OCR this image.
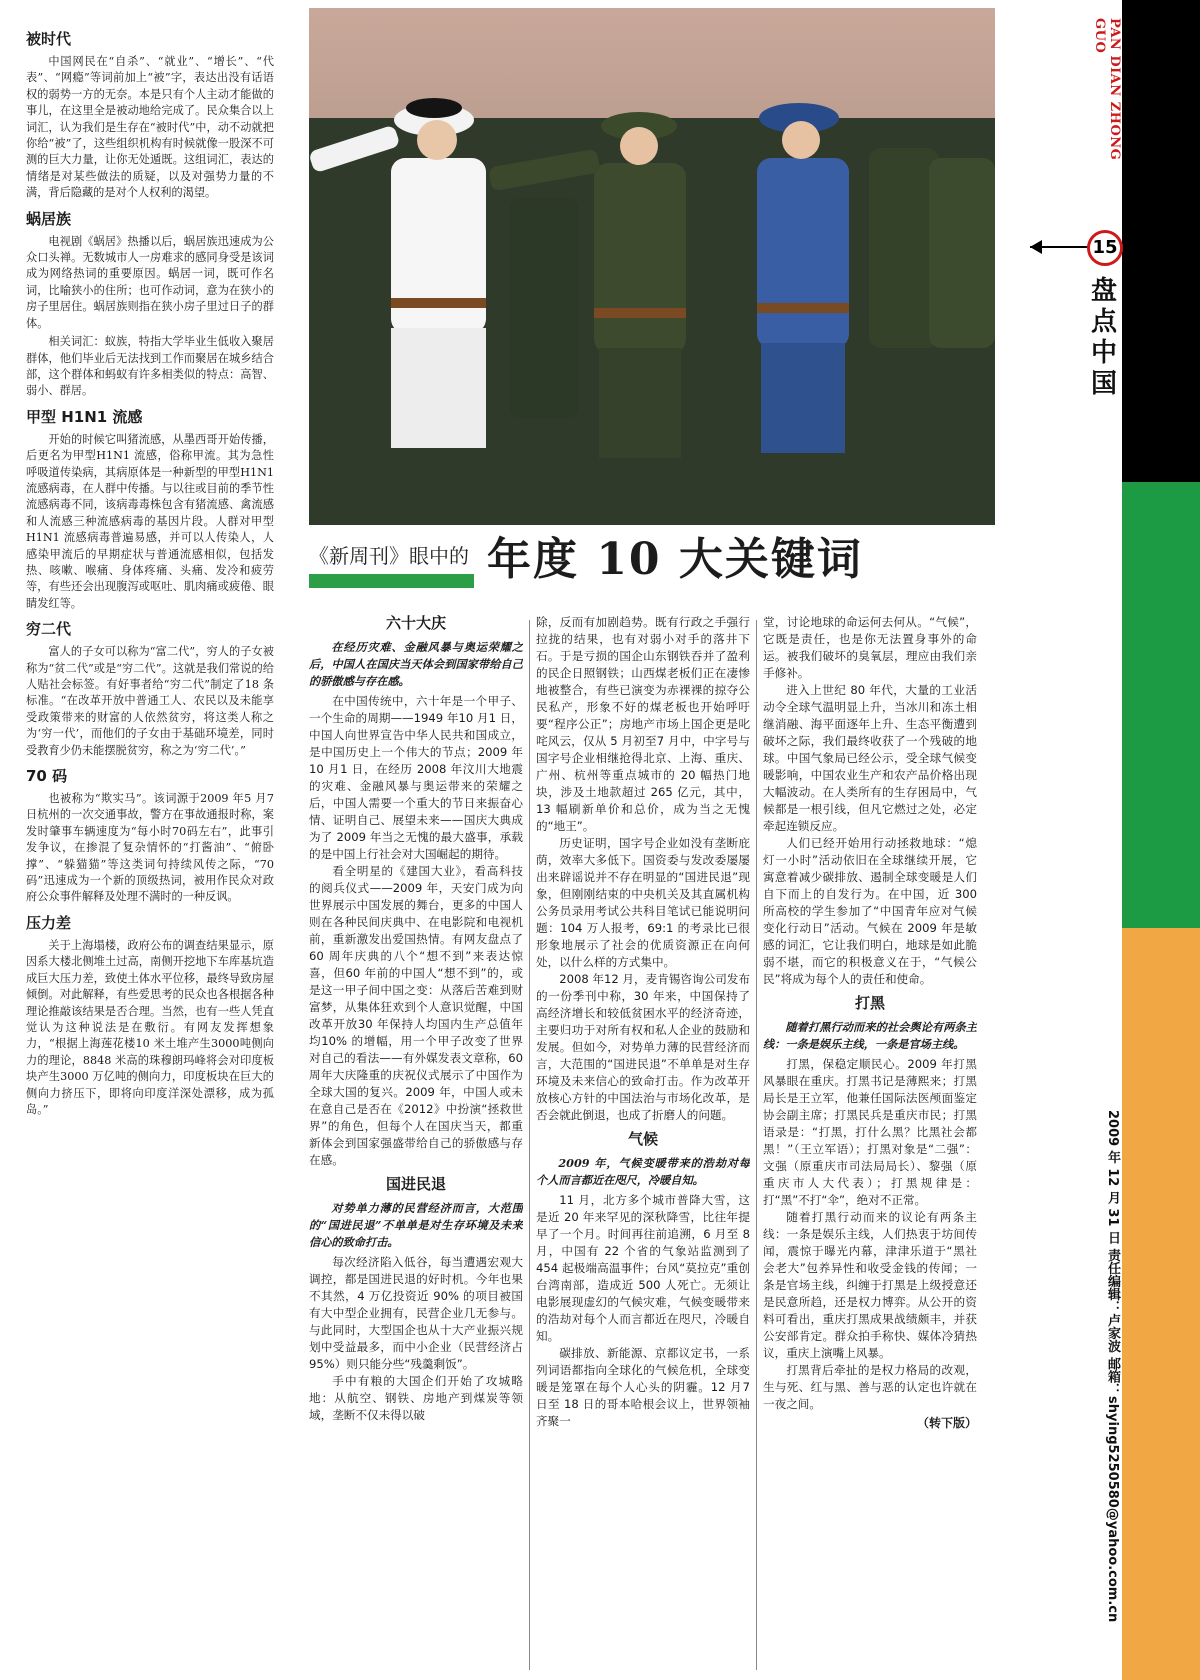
《新周刊》眼中的 年度 10 大关键词
被时代

中国网民在“自杀”、“就业”、“增长”、“代表”、“网瘾”等词前加上“被”字，表达出没有话语权的弱势一方的无奈。本是只有个人主动才能做的事儿，在这里全是被动地给完成了。民众集合以上词汇，认为我们是生存在“被时代”中，动不动就把你给“被”了，这些组织机构有时候就像一股深不可测的巨大力量，让你无处遁既。这组词汇，表达的情绪是对某些做法的质疑，以及对强势力量的不满，背后隐藏的是对个人权利的渴望。

蜗居族

电视剧《蜗居》热播以后，蜗居族迅速成为公众口头禅。无数城市人一房难求的感同身受是该词成为网络热词的重要原因。蜗居一词，既可作名词，比喻狭小的住所；也可作动词，意为在狭小的房子里居住。蜗居族则指在狭小房子里过日子的群体。

相关词汇：蚁族，特指大学毕业生低收入聚居群体，他们毕业后无法找到工作而聚居在城乡结合部，这个群体和蚂蚁有许多相类似的特点：高智、弱小、群居。

甲型 H1N1 流感

开始的时候它叫猪流感，从墨西哥开始传播，后更名为甲型H1N1 流感，俗称甲流。其为急性呼吸道传染病，其病原体是一种新型的甲型H1N1 流感病毒，在人群中传播。与以往或目前的季节性流感病毒不同，该病毒毒株包含有猪流感、禽流感和人流感三种流感病毒的基因片段。人群对甲型H1N1 流感病毒普遍易感，并可以人传染人，人感染甲流后的早期症状与普通流感相似，包括发热、咳嗽、喉痛、身体疼痛、头痛、发冷和疲劳等，有些还会出现腹泻或呕吐、肌肉痛或疲倦、眼睛发红等。

穷二代

富人的子女可以称为“富二代”，穷人的子女被称为“贫二代”或是“穷二代”。这就是我们常说的给人贴社会标签。有好事者给“穷二代”制定了18 条标准。“在改革开放中普通工人、农民以及未能享受政策带来的财富的人依然贫穷，将这类人称之为‘穷一代’，而他们的子女由于基础环境差，同时受教育少仍未能摆脱贫穷，称之为‘穷二代’。”

70 码

也被称为“欺实马”。该词源于2009 年5 月7 日杭州的一次交通事故，警方在事故通报时称，案发时肇事车辆速度为“每小时70码左右”，此事引发争议，在掺混了复杂情怀的“打酱油”、“俯卧撑”、“躲猫猫”等这类词句持续风传之际，“70 码”迅速成为一个新的顶级热词，被用作民众对政府公众事件解释及处理不满时的一种反讽。

压力差

关于上海塌楼，政府公布的调查结果显示，原因系大楼北侧堆土过高，南侧开挖地下车库基坑造成巨大压力差，致使土体水平位移，最终导致房屋倾倒。对此解释，有些爱思考的民众也各根据各种理论推敲该结果是否合理。当然，也有一些人凭直觉认为这种说法是在敷衍。有网友发挥想象力，“根据上海莲花楼10 米土堆产生3000吨侧向力的理论，8848 米高的珠穆朗玛峰将会对印度板块产生3000 万亿吨的侧向力，印度板块在巨大的侧向力挤压下，即将向印度洋深处漂移，成为孤岛。”

六十大庆

在经历灾难、金融风暴与奥运荣耀之后，中国人在国庆当天体会到国家带给自己的骄傲感与存在感。

在中国传统中，六十年是一个甲子、一个生命的周期——1949 年10 月1 日，中国人向世界宣告中华人民共和国成立，是中国历史上一个伟大的节点；2009 年10 月1 日，在经历 2008 年汶川大地震的灾难、金融风暴与奥运带来的荣耀之后，中国人需要一个重大的节日来振奋心情、证明自己、展望未来——国庆大典成为了 2009 年当之无愧的最大盛事，承载的是中国上行社会对大国崛起的期待。

看全明星的《建国大业》，看高科技的阅兵仪式——2009 年，天安门成为向世界展示中国发展的舞台，更多的中国人则在各种民间庆典中、在电影院和电视机前，重新激发出爱国热情。有网友盘点了60 周年庆典的八个“想不到”来表达惊喜，但60 年前的中国人“想不到”的，或是这一甲子间中国之变：从落后苦难到财富梦，从集体狂欢到个人意识觉醒，中国改革开放30 年保持人均国内生产总值年均10% 的增幅，用一个甲子改变了世界对自己的看法——有外媒发表文章称，60 周年大庆隆重的庆祝仪式展示了中国作为全球大国的复兴。2009 年，中国人或未在意自己是否在《2012》中扮演“拯救世界”的角色，但每个人在国庆当天，都重新体会到国家强盛带给自己的骄傲感与存在感。

国进民退

对势单力薄的民营经济而言，大范围的“国进民退”不单单是对生存环境及未来信心的致命打击。

每次经济陷入低谷，每当遭遇宏观大调控，都是国进民退的好时机。今年也果不其然，4 万亿投资近 90% 的项目被国有大中型企业拥有，民营企业几无参与。与此同时，大型国企也从十大产业振兴规划中受益最多，而中小企业（民营经济占 95%）则只能分些“残羹剩饭”。

手中有粮的大国企们开始了攻城略地：从航空、钢铁、房地产到煤炭等领域，垄断不仅未得以破

除，反而有加剧趋势。既有行政之手强行拉拢的结果，也有对弱小对手的落井下石。于是亏损的国企山东钢铁吞并了盈利的民企日照钢铁；山西煤老板们正在凄惨地被整合，有些已演变为赤裸裸的掠夺公民私产，形象不好的煤老板也开始呼吁要“程序公正”；房地产市场上国企更是叱咤风云，仅从 5 月初至7 月中，中字号与国字号企业相继抢得北京、上海、重庆、广州、杭州等重点城市的 20 幅热门地块，涉及土地款超过 265 亿元，其中，13 幅刷新单价和总价，成为当之无愧的“地王”。

历史证明，国字号企业如没有垄断庇荫，效率大多低下。国资委与发改委屡屡出来辟谣说并不存在明显的“国进民退”现象，但刚刚结束的中央机关及其直属机构公务员录用考试公共科目笔试已能说明问题：104 万人报考，69:1 的考录比已很形象地展示了社会的优质资源正在向何处，以什么样的方式集中。

2008 年12 月，麦肯锡咨询公司发布的一份季刊中称，30 年来，中国保持了高经济增长和较低贫困水平的经济奇迹，主要归功于对所有权和私人企业的鼓励和发展。但如今，对势单力薄的民营经济而言，大范围的“国进民退”不单单是对生存环境及未来信心的致命打击。作为改革开放核心方针的中国法治与市场化改革，是否会就此倒退，也成了折磨人的问题。

气候

2009 年，气候变暖带来的浩劫对每个人而言都近在咫尺，冷暖自知。

11 月，北方多个城市普降大雪，这是近 20 年来罕见的深秋降雪，比往年提早了一个月。时间再往前追溯，6 月至 8 月，中国有 22 个省的气象站监测到了 454 起极端高温事件；台风“莫拉克”重创台湾南部，造成近 500 人死亡。无须让电影展现虚幻的气候灾难，气候变暖带来的浩劫对每个人而言都近在咫尺，冷暖自知。

碳排放、新能源、京都议定书，一系列词语都指向全球化的气候危机，全球变暖是笼罩在每个人心头的阴霾。12 月7 日至 18 日的哥本哈根会议上，世界领袖齐聚一

堂，讨论地球的命运何去何从。“气候”，它既是责任，也是你无法置身事外的命运。被我们破坏的臭氧层，理应由我们亲手修补。

进入上世纪 80 年代，大量的工业活动令全球气温明显上升，当冰川和冻土相继消融、海平面逐年上升、生态平衡遭到破坏之际，我们最终收获了一个残破的地球。中国气象局已经公示，受全球气候变暖影响，中国农业生产和农产品价格出现大幅波动。在人类所有的生存困局中，气候都是一根引线，但凡它燃过之处，必定牵起连锁反应。

人们已经开始用行动拯救地球：“熄灯一小时”活动依旧在全球继续开展，它寓意着减少碳排放、遏制全球变暖是人们自下而上的自发行为。在中国，近 300 所高校的学生参加了“中国青年应对气候变化行动日”活动。气候在 2009 年是敏感的词汇，它让我们明白，地球是如此脆弱不堪，而它的积极意义在于，“气候公民”将成为每个人的责任和使命。

打黑

随着打黑行动而来的社会舆论有两条主线：一条是娱乐主线，一条是官场主线。

打黑，保稳定顺民心。2009 年打黑风暴眼在重庆。打黑书记是薄熙来；打黑局长是王立军，他兼任国际法医颅面鉴定协会副主席；打黑民兵是重庆市民；打黑语录是：“打黑，打什么黑？比黑社会都黑！”（王立军语）；打黑对象是“二强”：文强（原重庆市司法局局长）、黎强（原重庆市人大代表）；打黑规律是：打“黑”不打“伞”，绝对不正常。

随着打黑行动而来的议论有两条主线：一条是娱乐主线，人们热衷于坊间传闻，震惊于曝光内幕，津津乐道于“黑社会老大”包养异性和收受金钱的传闻；一条是官场主线，纠缠于打黑是上级授意还是民意所趋，还是权力博弈。从公开的资料可看出，重庆打黑成果战绩颇丰，并获公安部肯定。群众拍手称快、媒体冷猜热议，重庆上演嘴上风暴。

打黑背后牵扯的是权力格局的改观，生与死、红与黑、善与恶的认定也许就在一夜之间。

（转下版）
PAN DIAN ZHONG GUO
15
盘点中国
2009 年 12 月 31 日 责任编辑：卢家波 邮箱：shying5250580@yahoo.com.cn
